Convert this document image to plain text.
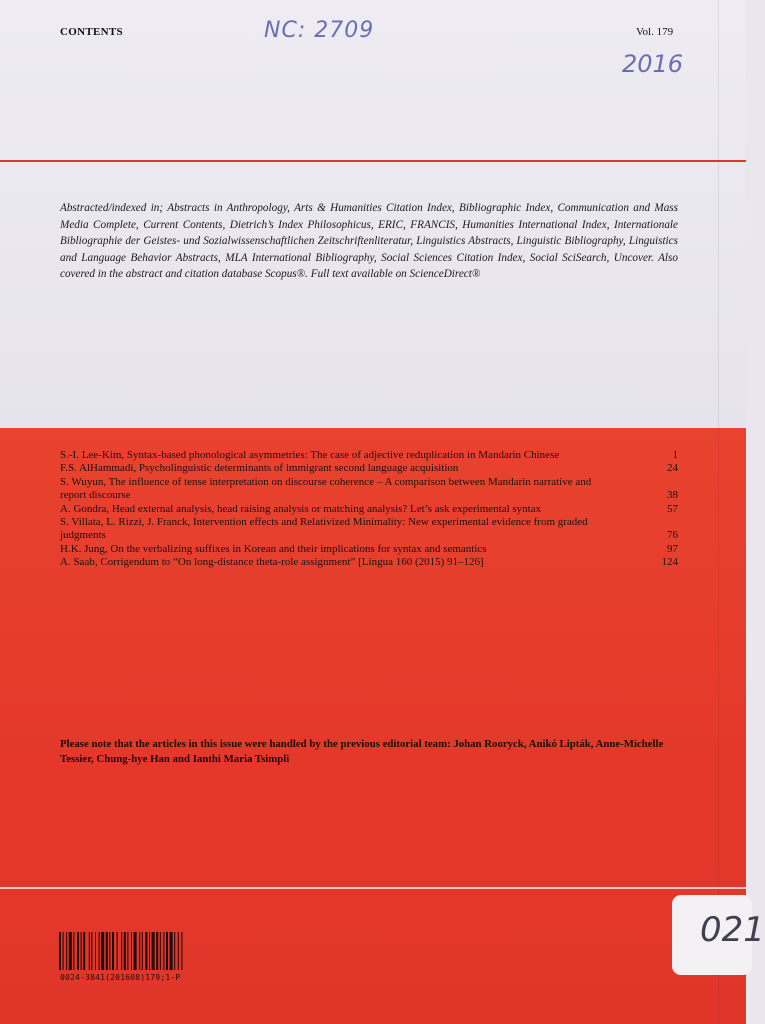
CONTENTS	Vol. 179
NC: 2709
2016

Abstracted/indexed in; Abstracts in Anthropology, Arts & Humanities Citation Index, Bibliographic Index, Communication and Mass Media Complete, Current Contents, Dietrich’s Index Philosophicus, ERIC, FRANCIS, Humanities International Index, Internationale Bibliographie der Geistes- und Sozialwissenschaftlichen Zeitschriftenliteratur, Linguistics Abstracts, Linguistic Bibliography, Linguistics and Language Behavior Abstracts, MLA International Bibliography, Social Sciences Citation Index, Social SciSearch, Uncover. Also covered in the abstract and citation database Scopus®. Full text available on ScienceDirect®

S.-I. Lee-Kim, Syntax-based phonological asymmetries: The case of adjective reduplication in Mandarin Chinese	1
F.S. AlHammadi, Psycholinguistic determinants of immigrant second language acquisition	24
S. Wuyun, The influence of tense interpretation on discourse coherence – A comparison between Mandarin narrative and report discourse	38
A. Gondra, Head external analysis, head raising analysis or matching analysis? Let’s ask experimental syntax	57
S. Villata, L. Rizzi, J. Franck, Intervention effects and Relativized Minimality: New experimental evidence from graded judgments	76
H.K. Jung, On the verbalizing suffixes in Korean and their implications for syntax and semantics	97
A. Saab, Corrigendum to “On long-distance theta-role assignment” [Lingua 160 (2015) 91–126]	124

Please note that the articles in this issue were handled by the previous editorial team: Johan Rooryck, Anikó Lipták, Anne-Michelle Tessier, Chung-hye Han and Ianthi Maria Tsimpli

0024-3841(201608)179;1-P
021
